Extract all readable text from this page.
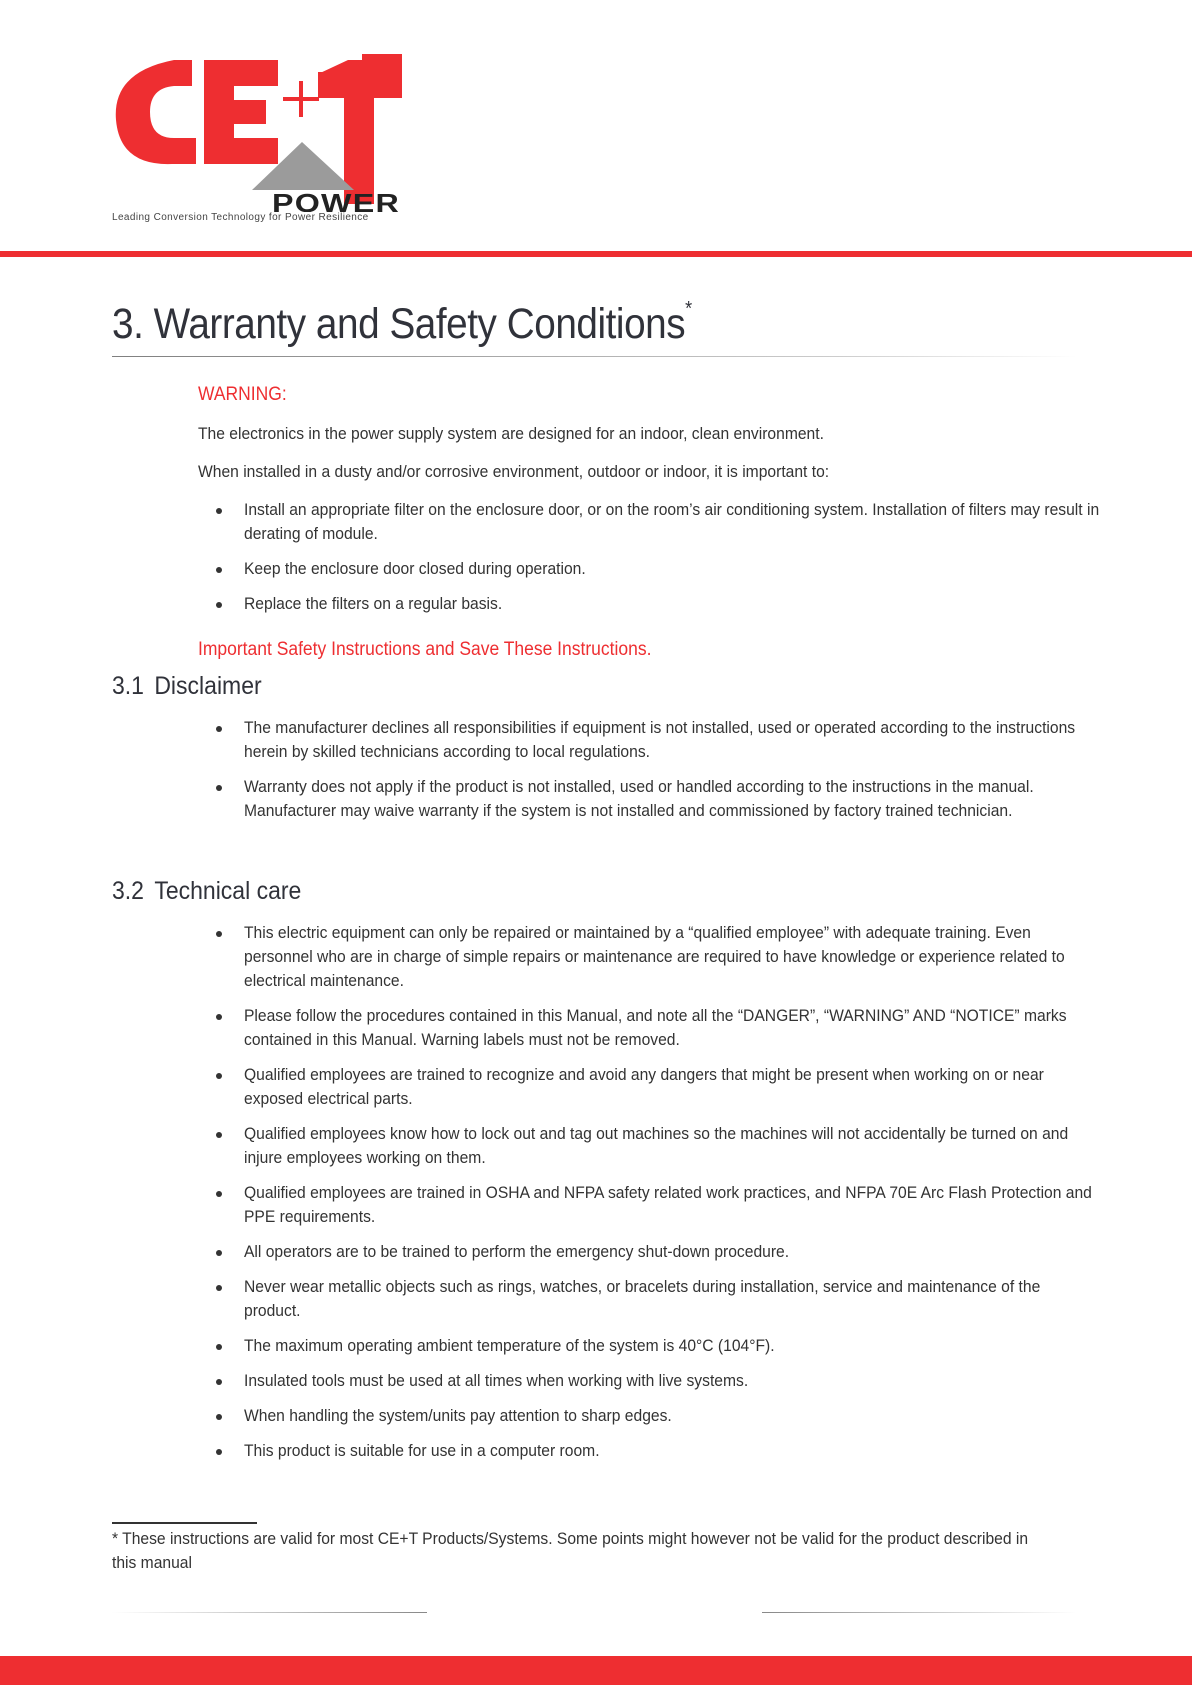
POWER
Leading Conversion Technology for Power Resilience
3. Warranty and Safety Conditions*
WARNING:
The electronics in the power supply system are designed for an indoor, clean environment.
When installed in a dusty and/or corrosive environment, outdoor or indoor, it is important to:
Install an appropriate filter on the enclosure door, or on the room’s air conditioning system. Installation of filters may result in derating of module.
Keep the enclosure door closed during operation.
Replace the filters on a regular basis.
Important Safety Instructions and Save These Instructions.
3.1 Disclaimer
The manufacturer declines all responsibilities if equipment is not installed, used or operated according to the instructions herein by skilled technicians according to local regulations.
Warranty does not apply if the product is not installed, used or handled according to the instructions in the manual. Manufacturer may waive warranty if the system is not installed and commissioned by factory trained technician.
3.2 Technical care
This electric equipment can only be repaired or maintained by a “qualified employee” with adequate training. Even personnel who are in charge of simple repairs or maintenance are required to have knowledge or experience related to electrical maintenance.
Please follow the procedures contained in this Manual, and note all the “DANGER”, “WARNING” AND “NOTICE” marks contained in this Manual. Warning labels must not be removed.
Qualified employees are trained to recognize and avoid any dangers that might be present when working on or near exposed electrical parts.
Qualified employees know how to lock out and tag out machines so the machines will not accidentally be turned on and injure employees working on them.
Qualified employees are trained in OSHA and NFPA safety related work practices, and NFPA 70E Arc Flash Protection and PPE requirements.
All operators are to be trained to perform the emergency shut-down procedure.
Never wear metallic objects such as rings, watches, or bracelets during installation, service and maintenance of the product.
The maximum operating ambient temperature of the system is 40°C (104°F).
Insulated tools must be used at all times when working with live systems.
When handling the system/units pay attention to sharp edges.
This product is suitable for use in a computer room.

* These instructions are valid for most CE+T Products/Systems. Some points might however not be valid for the product described in this manual
